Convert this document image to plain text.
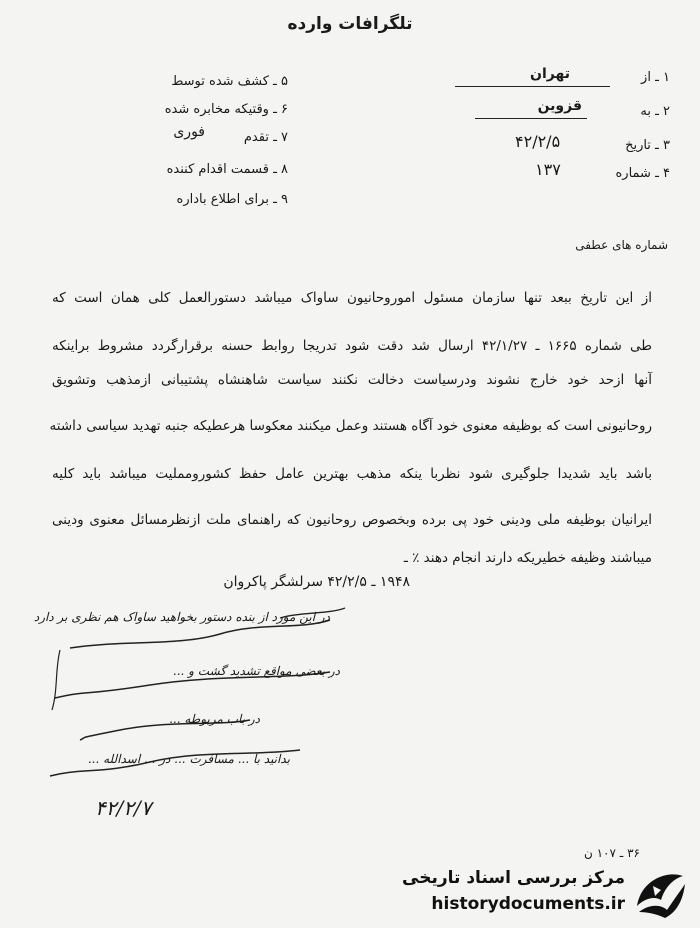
تلگرافات وارده
۱ ـ از
تهران
۲ ـ به
قزوین
۳ ـ تاریخ
۴۲/۲/۵
۴ ـ شماره
۱۳۷
۵ ـ کشف شده توسط
۶ ـ وقتیکه مخابره شده
۷ ـ تقدم
فوری
۸ ـ قسمت اقدام کننده
۹ ـ برای اطلاع باداره
شماره های عطفی
از این تاریخ ببعد تنها سازمان مسئول اموروحانیون ساواک میباشد دستورالعمل کلی همان است که
طی شماره ۱۶۶۵ ـ ۴۲/۱/۲۷ ارسال شد دقت شود تدریجا روابط حسنه برقرارگردد مشروط براینکه
آنها ازحد خود خارج نشوند ودرسیاست دخالت نکنند سیاست شاهنشاه پشتیبانی ازمذهب وتشویق
روحانیونی است که بوظیفه معنوی خود آگاه هستند وعمل میکنند معکوسا هرعطیکه جنبه تهدید سیاسی داشته
باشد باید شدیدا جلوگیری شود نظربا ینکه مذهب بهترین عامل حفظ کشورومملیت میباشد باید کلیه
ایرانیان بوظیفه ملی ودینی خود پی برده وبخصوص روحانیون که راهنمای ملت ازنظرمسائل معنوی ودینی
میباشند وظیفه خطیریکه دارند انجام دهند ٪ ـ
۱۹۴۸ ـ ۴۲/۲/۵ سرلشگر پاکروان
در این مورد از بنده دستور بخواهید ساواک هم نظری بر دارد
در بعضی مواقع تشدید گشت و ...
در باب مربوطه ...
بدانید با ... مسافرت ... در ... اسدالله ...
۴۲/۲/۷
۳۶ ـ ۱۰۷ ن
مرکز بررسی اسناد تاریخی
historydocuments.ir
